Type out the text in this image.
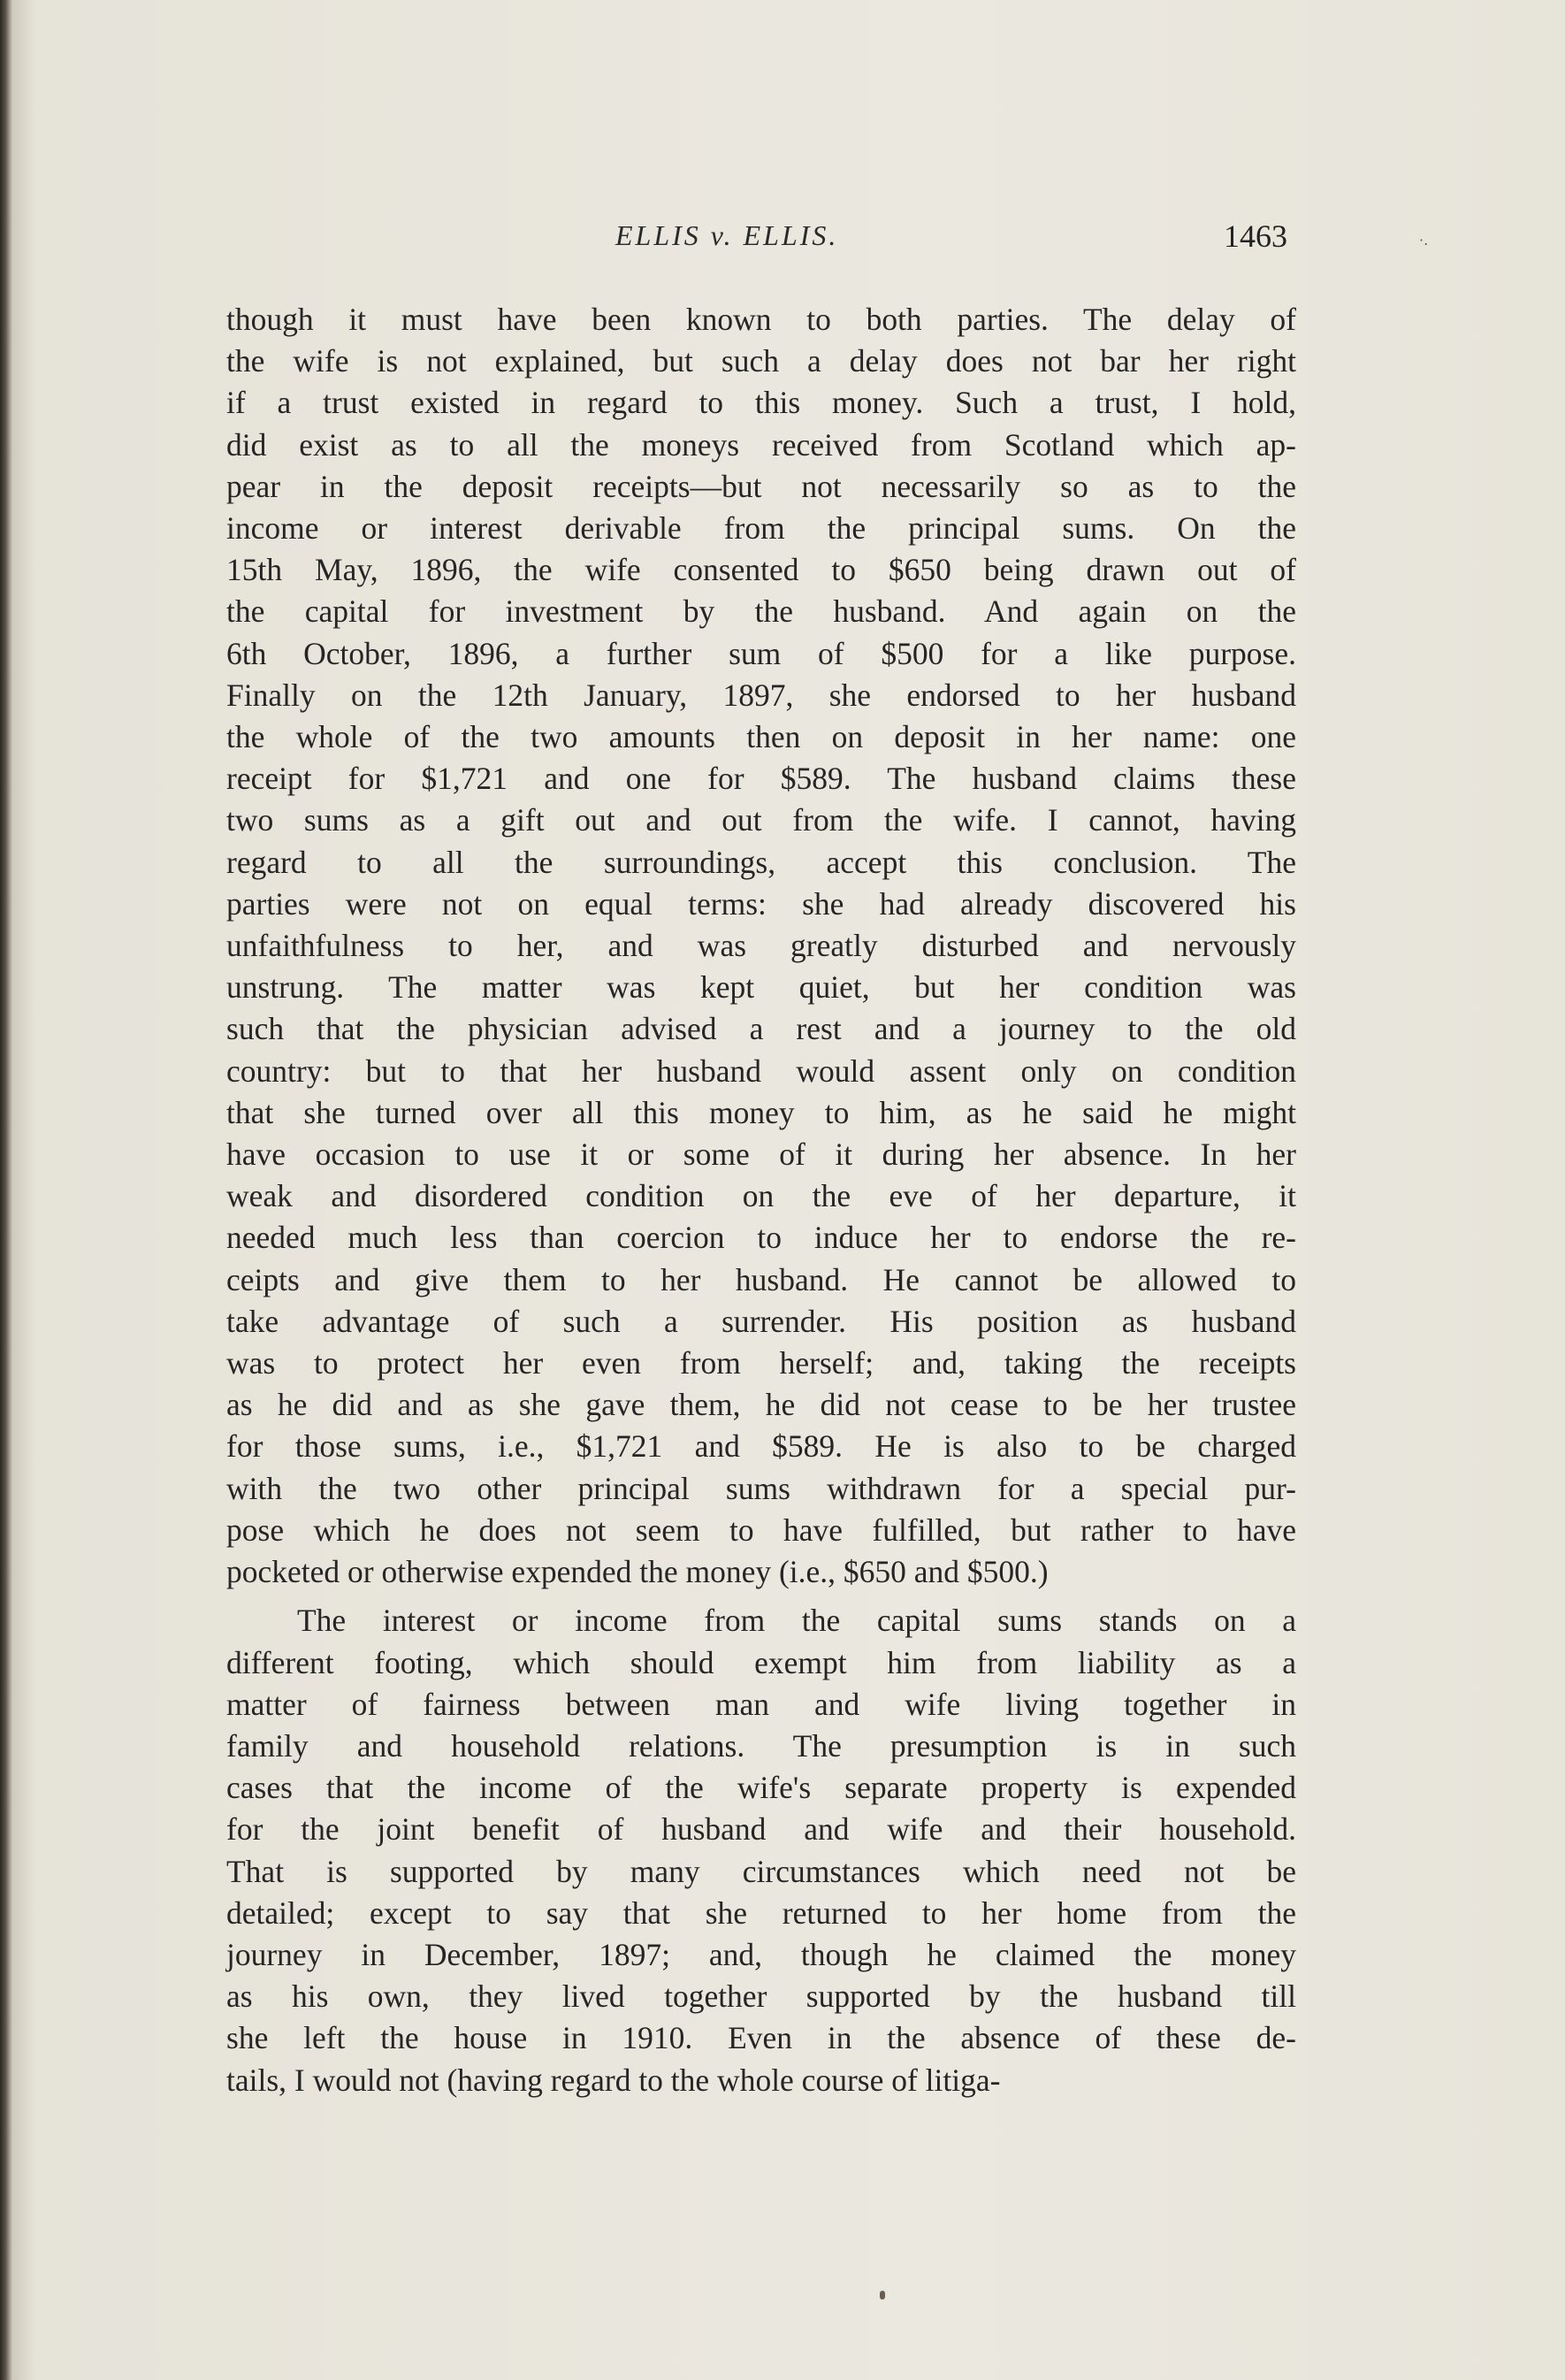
ELLIS v. ELLIS.	1463	·.
though it must have been known to both parties. The delay of
the wife is not explained, but such a delay does not bar her right
if a trust existed in regard to this money. Such a trust, I hold,
did exist as to all the moneys received from Scotland which ap-
pear in the deposit receipts—but not necessarily so as to the
income or interest derivable from the principal sums. On the
15th May, 1896, the wife consented to $650 being drawn out of
the capital for investment by the husband. And again on the
6th October, 1896, a further sum of $500 for a like purpose.
Finally on the 12th January, 1897, she endorsed to her husband
the whole of the two amounts then on deposit in her name: one
receipt for $1,721 and one for $589. The husband claims these
two sums as a gift out and out from the wife. I cannot, having
regard to all the surroundings, accept this conclusion. The
parties were not on equal terms: she had already discovered his
unfaithfulness to her, and was greatly disturbed and nervously
unstrung. The matter was kept quiet, but her condition was
such that the physician advised a rest and a journey to the old
country: but to that her husband would assent only on condition
that she turned over all this money to him, as he said he might
have occasion to use it or some of it during her absence. In her
weak and disordered condition on the eve of her departure, it
needed much less than coercion to induce her to endorse the re-
ceipts and give them to her husband. He cannot be allowed to
take advantage of such a surrender. His position as husband
was to protect her even from herself; and, taking the receipts
as he did and as she gave them, he did not cease to be her trustee
for those sums, i.e., $1,721 and $589. He is also to be charged
with the two other principal sums withdrawn for a special pur-
pose which he does not seem to have fulfilled, but rather to have
pocketed or otherwise expended the money (i.e., $650 and $500.)
The interest or income from the capital sums stands on a
different footing, which should exempt him from liability as a
matter of fairness between man and wife living together in
family and household relations. The presumption is in such
cases that the income of the wife's separate property is expended
for the joint benefit of husband and wife and their household.
That is supported by many circumstances which need not be
detailed; except to say that she returned to her home from the
journey in December, 1897; and, though he claimed the money
as his own, they lived together supported by the husband till
she left the house in 1910. Even in the absence of these de-
tails, I would not (having regard to the whole course of litiga-
